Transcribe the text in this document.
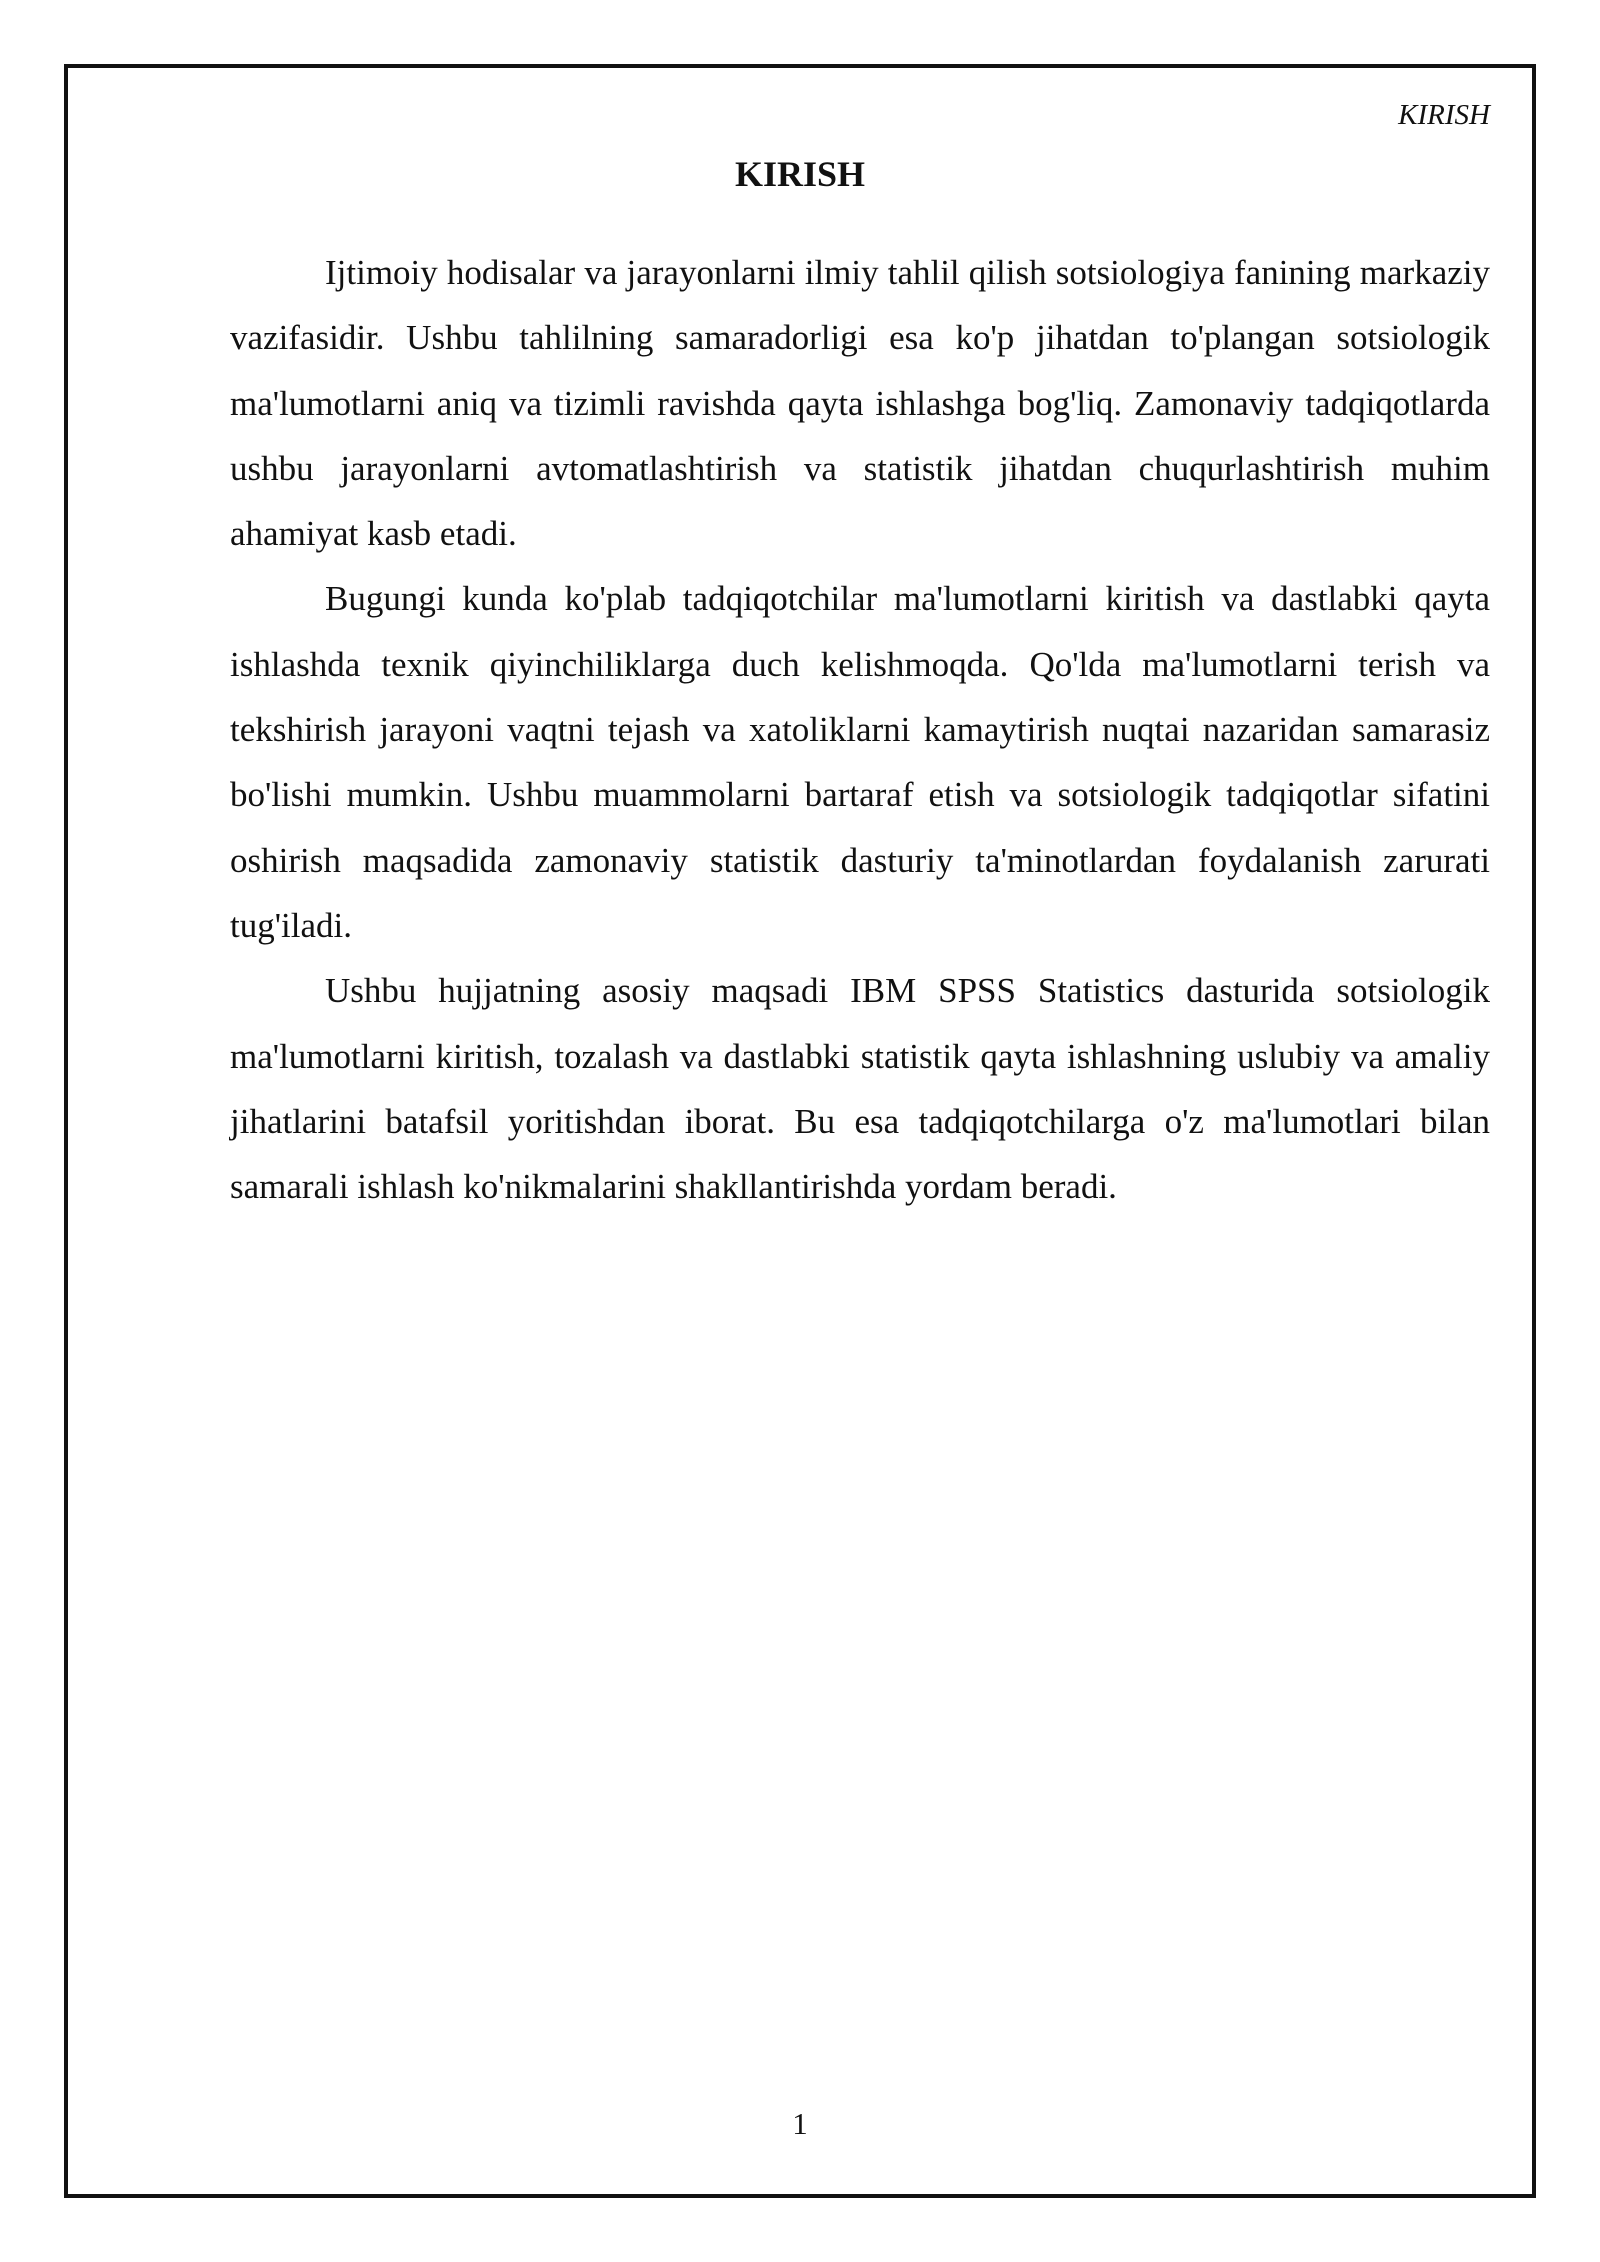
KIRISH
KIRISH

Ijtimoiy hodisalar va jarayonlarni ilmiy tahlil qilish sotsiologiya fanining markaziy vazifasidir. Ushbu tahlilning samaradorligi esa ko'p jihatdan to'plangan sotsiologik ma'lumotlarni aniq va tizimli ravishda qayta ishlashga bog'liq. Zamonaviy tadqiqotlarda ushbu jarayonlarni avtomatlashtirish va statistik jihatdan chuqurlashtirish muhim ahamiyat kasb etadi.

Bugungi kunda ko'plab tadqiqotchilar ma'lumotlarni kiritish va dastlabki qayta ishlashda texnik qiyinchiliklarga duch kelishmoqda. Qo'lda ma'lumotlarni terish va tekshirish jarayoni vaqtni tejash va xatoliklarni kamaytirish nuqtai nazaridan samarasiz bo'lishi mumkin. Ushbu muammolarni bartaraf etish va sotsiologik tadqiqotlar sifatini oshirish maqsadida zamonaviy statistik dasturiy ta'minotlardan foydalanish zarurati tug'iladi.

Ushbu hujjatning asosiy maqsadi IBM SPSS Statistics dasturida sotsiologik ma'lumotlarni kiritish, tozalash va dastlabki statistik qayta ishlashning uslubiy va amaliy jihatlarini batafsil yoritishdan iborat. Bu esa tadqiqotchilarga o'z ma'lumotlari bilan samarali ishlash ko'nikmalarini shakllantirishda yordam beradi.

1
